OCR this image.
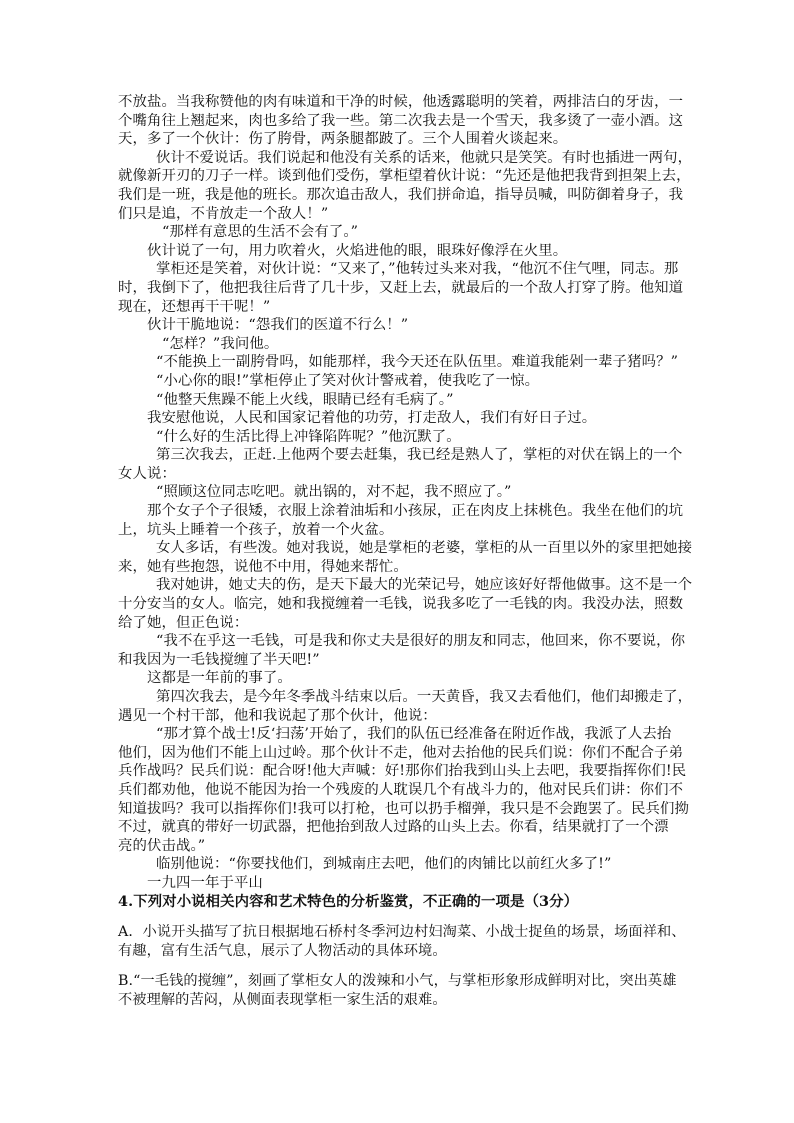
不放盐。当我称赞他的肉有味道和干净的时候，他透露聪明的笑着，两排洁白的牙齿，一
个嘴角往上翘起来，肉也多给了我一些。第二次我去是一个雪天，我多烫了一壶小酒。这
天，多了一个伙计：伤了胯骨，两条腿都跛了。三个人围着火谈起来。
伙计不爱说话。我们说起和他没有关系的话来，他就只是笑笑。有时也插进一两句，
就像新开刃的刀子一样。谈到他们受伤，掌柜望着伙计说：“先还是他把我背到担架上去，
我们是一班，我是他的班长。那次追击敌人，我们拼命追，指导员喊，叫防御着身子，我
们只是追，不肯放走一个敌人！”
“那样有意思的生活不会有了。”
伙计说了一句，用力吹着火，火焰进他的眼，眼珠好像浮在火里。
掌柜还是笑着，对伙计说：“又来了，”他转过头来对我，“他沉不住气哩，同志。那
时，我倒下了，他把我往后背了几十步，又赶上去，就最后的一个敌人打穿了胯。他知道
现在，还想再干干呢！”
伙计干脆地说：“怨我们的医道不行么！”
“怎样？”我问他。
“不能换上一副胯骨吗，如能那样，我今天还在队伍里。难道我能剁一辈子猪吗？”
“小心你的眼!”掌柜停止了笑对伙计警戒着，使我吃了一惊。
“他整天焦躁不能上火线，眼睛已经有毛病了。”
我安慰他说，人民和国家记着他的功劳，打走敌人，我们有好日子过。
“什么好的生活比得上冲锋陷阵呢？”他沉默了。
第三次我去，正赶.上他两个要去赶集，我已经是熟人了，掌柜的对伏在锅上的一个
女人说：
“照顾这位同志吃吧。就出锅的，对不起，我不照应了。”
那个女子个子很矮，衣服上涂着油垢和小孩尿，正在肉皮上抹桃色。我坐在他们的坑
上，坑头上睡着一个孩子，放着一个火盆。
女人多话，有些泼。她对我说，她是掌柜的老婆，掌柜的从一百里以外的家里把她接
来，她有些抱怨，说他不中用，得她来帮忙。
我对她讲，她丈夫的伤，是天下最大的光荣记号，她应该好好帮他做事。这不是一个
十分安当的女人。临完，她和我搅缠着一毛钱，说我多吃了一毛钱的肉。我没办法，照数
给了她，但正色说：
“我不在乎这一毛钱，可是我和你丈夫是很好的朋友和同志，他回来，你不要说，你
和我因为一毛钱搅缠了半天吧!”
这都是一年前的事了。
第四次我去，是今年冬季战斗结束以后。一天黄昏，我又去看他们，他们却搬走了，
遇见一个村干部，他和我说起了那个伙计，他说：
“那才算个战士!反‘扫荡’开始了，我们的队伍已经准备在附近作战，我派了人去抬
他们，因为他们不能上山过岭。那个伙计不走，他对去抬他的民兵们说：你们不配合子弟
兵作战吗？民兵们说：配合呀!他大声喊：好!那你们抬我到山头上去吧，我要指挥你们!民
兵们都劝他，他说不能因为抬一个残废的人耽误几个有战斗力的，他对民兵们讲：你们不
知道拔吗？我可以指挥你们!我可以打枪，也可以扔手榴弹，我只是不会跑罢了。民兵们拗
不过，就真的带好一切武器，把他抬到敌人过路的山头上去。你看，结果就打了一个漂
亮的伏击战。”
临别他说：“你要找他们，到城南庄去吧，他们的肉铺比以前红火多了!”
一九四一年于平山
4.下列对小说相关内容和艺术特色的分析鉴赏，不正确的一项是（3分）
A．小说开头描写了抗日根据地石桥村冬季河边村妇淘菜、小战士捉鱼的场景，场面祥和、
有趣，富有生活气息，展示了人物活动的具体环境。
B.“一毛钱的搅缠”，刻画了掌柜女人的泼辣和小气，与掌柜形象形成鲜明对比，突出英雄
不被理解的苦闷，从侧面表现掌柜一家生活的艰难。
